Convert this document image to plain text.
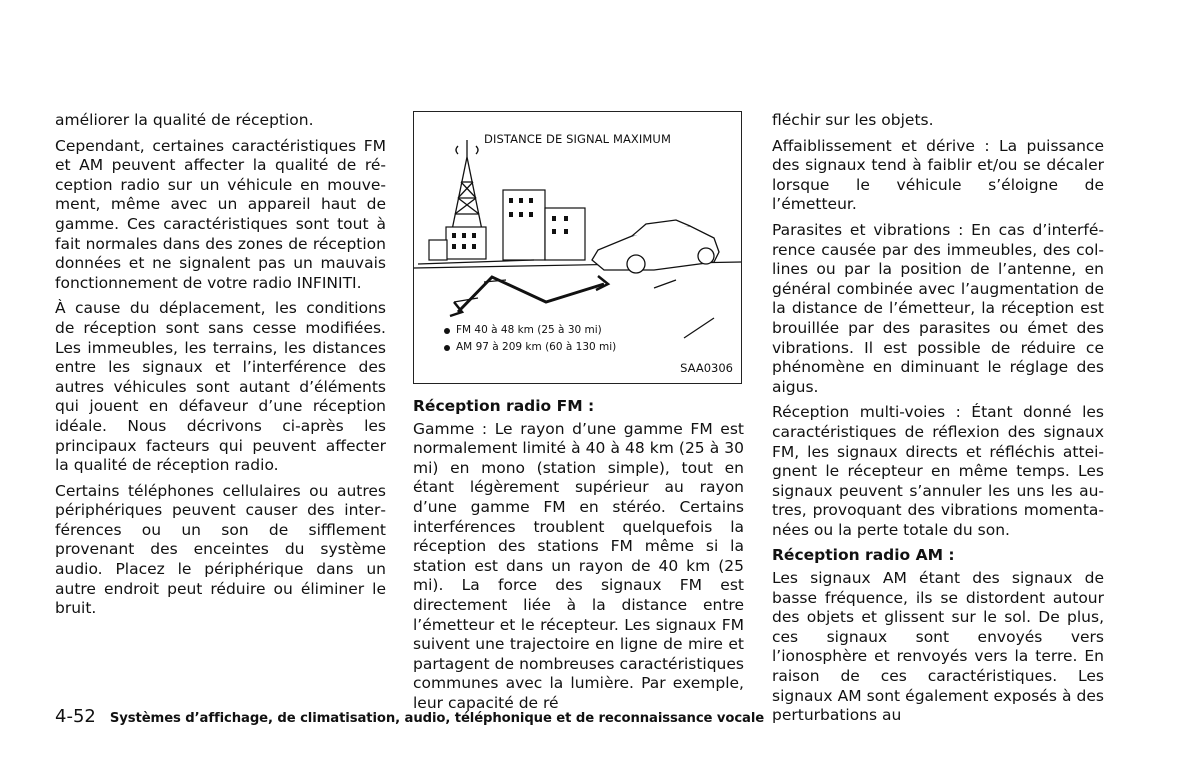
améliorer la qualité de réception.

Cependant, certaines caractéristiques FM et AM peuvent affecter la qualité de réception radio sur un véhicule en mouvement, même avec un appareil haut de gamme. Ces caractéristiques sont tout à fait normales dans des zones de réception données et ne signalent pas un mauvais fonctionnement de votre radio INFINITI.

À cause du déplacement, les conditions de réception sont sans cesse modifiées. Les immeubles, les terrains, les distances entre les signaux et l’interférence des autres véhicules sont autant d’éléments qui jouent en défaveur d’une réception idéale. Nous décrivons ci-après les principaux facteurs qui peuvent affecter la qualité de réception radio.

Certains téléphones cellulaires ou autres périphériques peuvent causer des interférences ou un son de sifflement provenant des enceintes du système audio. Placez le périphérique dans un autre endroit peut réduire ou éliminer le bruit.

DISTANCE DE SIGNAL MAXIMUM
FM 40 à 48 km (25 à 30 mi)
AM 97 à 209 km (60 à 130 mi)
SAA0306

Réception radio FM :

Gamme : Le rayon d’une gamme FM est normalement limité à 40 à 48 km (25 à 30 mi) en mono (station simple), tout en étant légèrement supérieur au rayon d’une gamme FM en stéréo. Certains interférences troublent quelquefois la réception des stations FM même si la station est dans un rayon de 40 km (25 mi). La force des signaux FM est directement liée à la distance entre l’émetteur et le récepteur. Les signaux FM suivent une trajectoire en ligne de mire et partagent de nombreuses caractéristiques communes avec la lumière. Par exemple, leur capacité de ré

fléchir sur les objets.

Affaiblissement et dérive : La puissance des signaux tend à faiblir et/ou se décaler lorsque le véhicule s’éloigne de l’émetteur.

Parasites et vibrations : En cas d’interférence causée par des immeubles, des collines ou par la position de l’antenne, en général combinée avec l’augmentation de la distance de l’émetteur, la réception est brouillée par des parasites ou émet des vibrations. Il est possible de réduire ce phénomène en diminuant le réglage des aigus.

Réception multi-voies : Étant donné les caractéristiques de réflexion des signaux FM, les signaux directs et réfléchis atteignent le récepteur en même temps. Les signaux peuvent s’annuler les uns les autres, provoquant des vibrations momentanées ou la perte totale du son.

Réception radio AM :

Les signaux AM étant des signaux de basse fréquence, ils se distordent autour des objets et glissent sur le sol. De plus, ces signaux sont envoyés vers l’ionosphère et renvoyés vers la terre. En raison de ces caractéristiques. Les signaux AM sont également exposés à des perturbations au

4-52 Systèmes d’affichage, de climatisation, audio, téléphonique et de reconnaissance vocale
